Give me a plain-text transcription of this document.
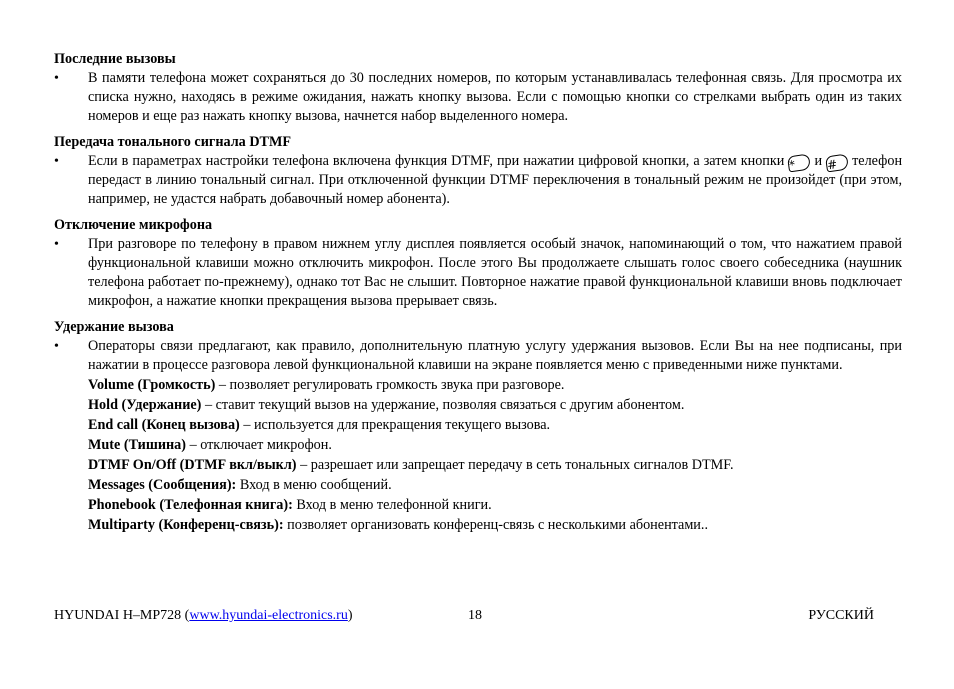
Последние вызовы
• В памяти телефона может сохраняться до 30 последних номеров, по которым устанавливалась телефонная связь. Для просмотра их списка нужно, находясь в режиме ожидания, нажать кнопку вызова. Если с помощью кнопки со стрелками выбрать один из таких номеров и еще раз нажать кнопку вызова, начнется набор выделенного номера.

Передача тонального сигнала DTMF
• Если в параметрах настройки телефона включена функция DTMF, при нажатии цифровой кнопки, а затем кнопки * и # телефон передаст в линию тональный сигнал. При отключенной функции DTMF переключения в тональный режим не произойдет (при этом, например, не удастся набрать добавочный номер абонента).

Отключение микрофона
• При разговоре по телефону в правом нижнем углу дисплея появляется особый значок, напоминающий о том, что нажатием правой функциональной клавиши можно отключить микрофон. После этого Вы продолжаете слышать голос своего собеседника (наушник телефона работает по-прежнему), однако тот Вас не слышит. Повторное нажатие правой функциональной клавиши вновь подключает микрофон, а нажатие кнопки прекращения вызова прерывает связь.

Удержание вызова
• Операторы связи предлагают, как правило, дополнительную платную услугу удержания вызовов. Если Вы на нее подписаны, при нажатии в процессе разговора левой функциональной клавиши на экране появляется меню с приведенными ниже пунктами.

Volume (Громкость) – позволяет регулировать громкость звука при разговоре.

Hold (Удержание) – ставит текущий вызов на удержание, позволяя связаться с другим абонентом.

End call (Конец вызова) – используется для прекращения текущего вызова.

Mute (Тишина) – отключает микрофон.

DTMF On/Off (DTMF вкл/выкл) – разрешает или запрещает передачу в сеть тональных сигналов DTMF.

Messages (Сообщения): Вход в меню сообщений.

Phonebook (Телефонная книга): Вход в меню телефонной книги.

Multiparty (Конференц-связь): позволяет организовать конференц-связь с несколькими абонентами..

HYUNDAI H–MP728 (www.hyundai-electronics.ru)	18	РУССКИЙ
